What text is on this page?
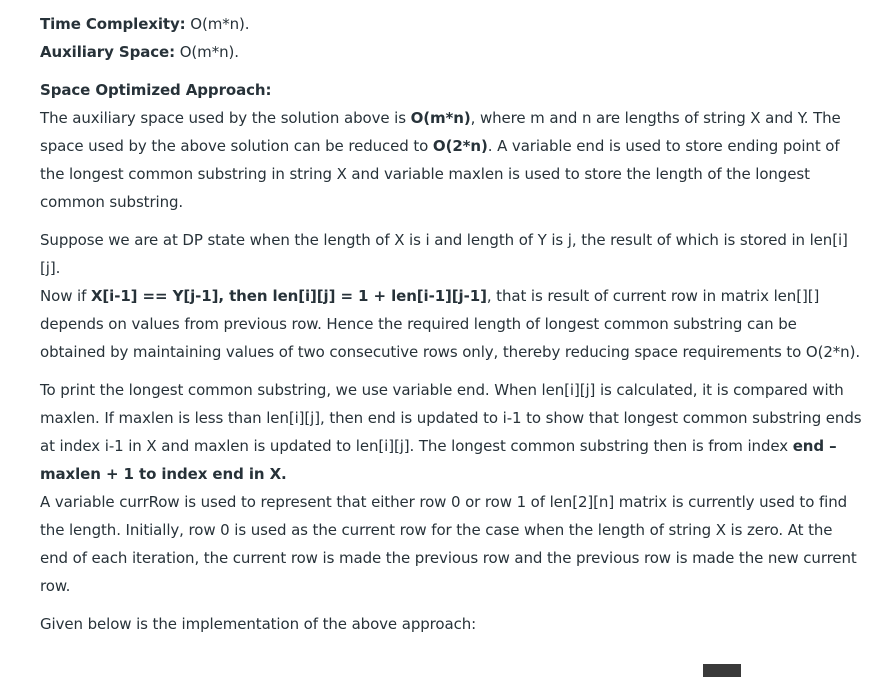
Time Complexity: O(m*n).

Auxiliary Space: O(m*n).

Space Optimized Approach:

The auxiliary space used by the solution above is O(m*n), where m and n are lengths of string X and Y. The space used by the above solution can be reduced to O(2*n). A variable end is used to store ending point of the longest common substring in string X and variable maxlen is used to store the length of the longest common substring.

Suppose we are at DP state when the length of X is i and length of Y is j, the result of which is stored in len[i][j].

Now if X[i-1] == Y[j-1], then len[i][j] = 1 + len[i-1][j-1], that is result of current row in matrix len[][] depends on values from previous row. Hence the required length of longest common substring can be obtained by maintaining values of two consecutive rows only, thereby reducing space requirements to O(2*n).

To print the longest common substring, we use variable end. When len[i][j] is calculated, it is compared with maxlen. If maxlen is less than len[i][j], then end is updated to i-1 to show that longest common substring ends at index i-1 in X and maxlen is updated to len[i][j]. The longest common substring then is from index end – maxlen + 1 to index end in X.

A variable currRow is used to represent that either row 0 or row 1 of len[2][n] matrix is currently used to find the length. Initially, row 0 is used as the current row for the case when the length of string X is zero. At the end of each iteration, the current row is made the previous row and the previous row is made the new current row.

Given below is the implementation of the above approach:
